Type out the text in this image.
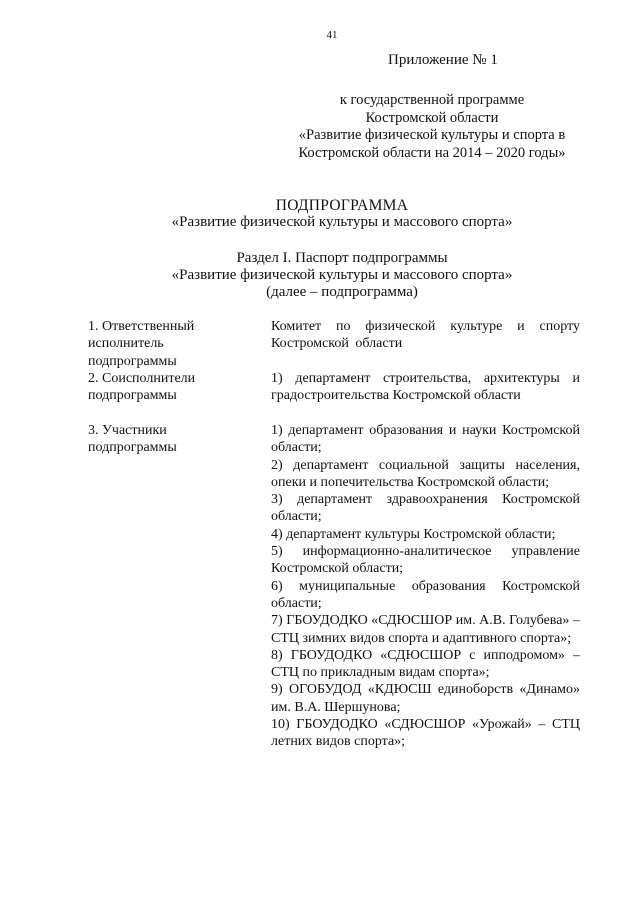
41
Приложение № 1
к государственной программе
Костромской области
«Развитие физической культуры и спорта в
Костромской области на 2014 – 2020 годы»
ПОДПРОГРАММА
«Развитие физической культуры и массового спорта»
Раздел I. Паспорт подпрограммы
«Развитие физической культуры и массового спорта»
(далее – подпрограмма)
1. Ответственный
исполнитель
подпрограммы
Комитет по физической культуре и спорту Костромской области
2. Соисполнители
подпрограммы
1) департамент строительства, архитектуры и градостроительства Костромской области
3. Участники
подпрограммы
1) департамент образования и науки Костромской области;
2) департамент социальной защиты населения, опеки и попечительства Костромской области;
3) департамент здравоохранения Костромской области;
4) департамент культуры Костромской области;
5) информационно-аналитическое управление Костромской области;
6) муниципальные образования Костромской области;
7) ГБОУДОДКО «СДЮСШОР им. А.В. Голубева» – СТЦ зимних видов спорта и адаптивного спорта»;
8) ГБОУДОДКО «СДЮСШОР с ипподромом» – СТЦ по прикладным видам спорта»;
9) ОГОБУДОД «КДЮСШ единоборств «Динамо» им. В.А. Шершунова;
10) ГБОУДОДКО «СДЮСШОР «Урожай» – СТЦ летних видов спорта»;
